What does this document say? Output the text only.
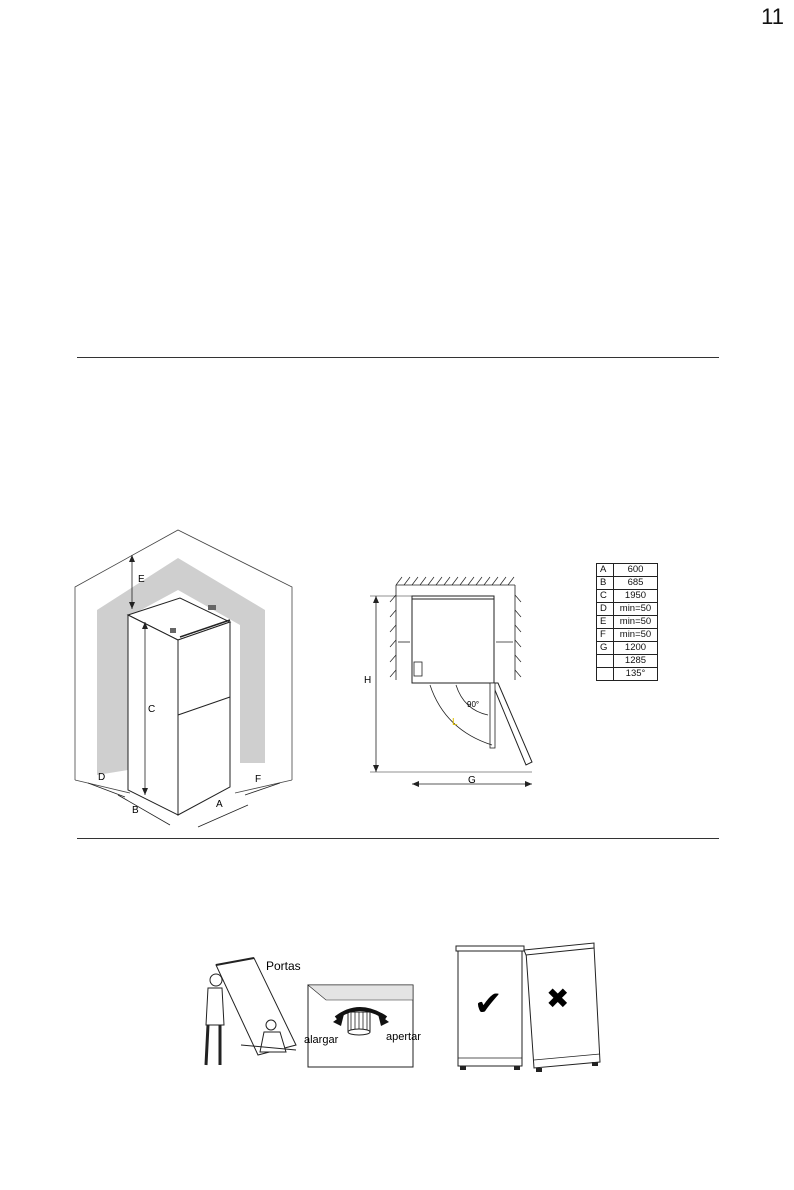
11
E
C
D
B
A
F
H
G
L
90°
A	600
B	685
C	1950
D	min=50
E	min=50
F	min=50
G	1200
	1285
	135°
Portas
alargar	apertar
✔ ✖
